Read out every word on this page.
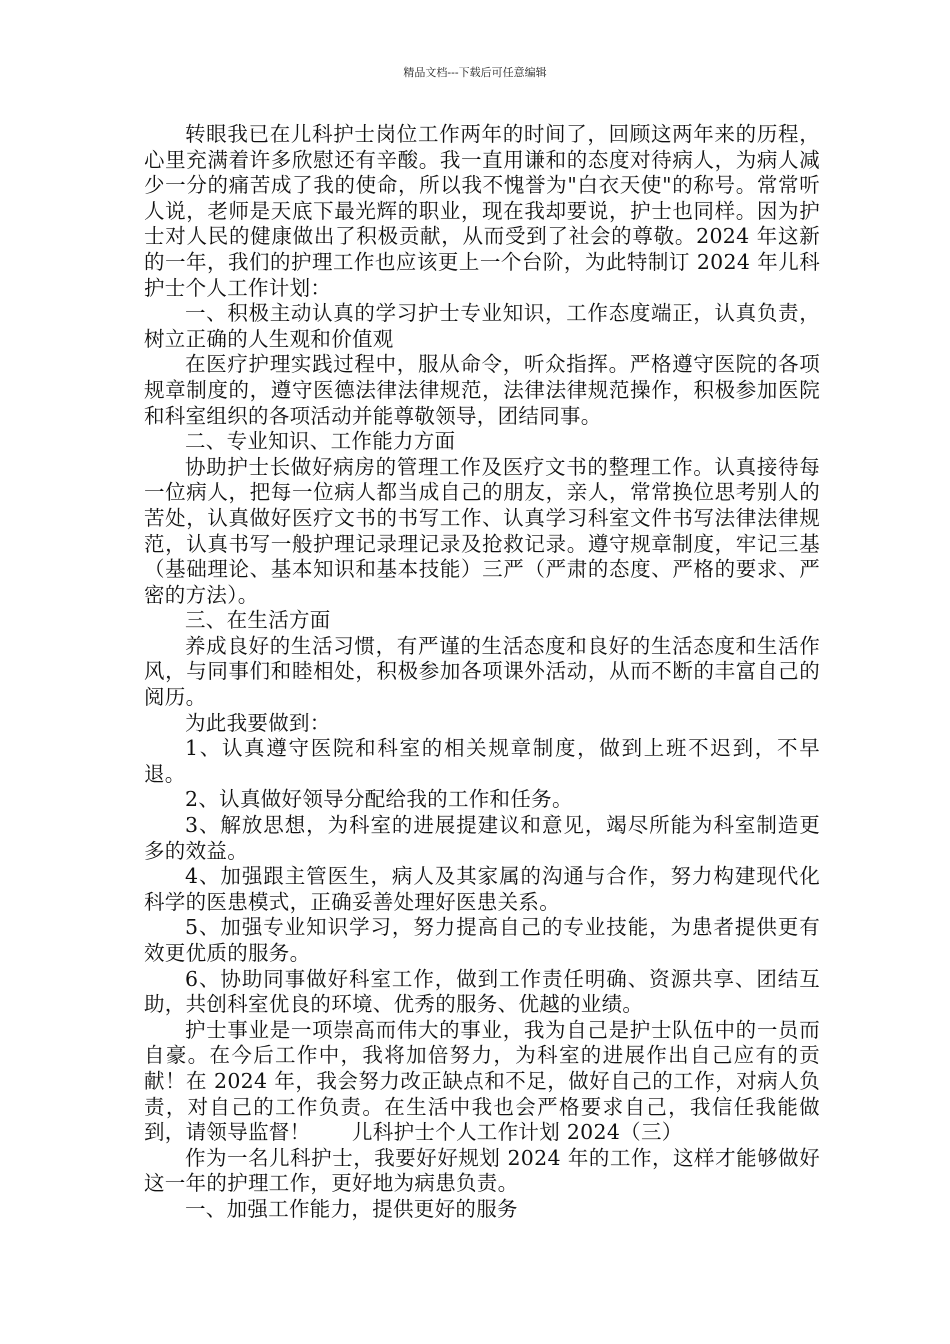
精品文档---下载后可任意编辑

转眼我已在儿科护士岗位工作两年的时间了，回顾这两年来的历程，心里充满着许多欣慰还有辛酸。我一直用谦和的态度对待病人，为病人减少一分的痛苦成了我的使命，所以我不愧誉为"白衣天使"的称号。常常听人说，老师是天底下最光辉的职业，现在我却要说，护士也同样。因为护士对人民的健康做出了积极贡献，从而受到了社会的尊敬。2024 年这新的一年，我们的护理工作也应该更上一个台阶，为此特制订 2024 年儿科护士个人工作计划：

一、积极主动认真的学习护士专业知识，工作态度端正，认真负责，树立正确的人生观和价值观

在医疗护理实践过程中，服从命令，听众指挥。严格遵守医院的各项规章制度的，遵守医德法律法律规范，法律法律规范操作，积极参加医院和科室组织的各项活动并能尊敬领导，团结同事。

二、专业知识、工作能力方面

协助护士长做好病房的管理工作及医疗文书的整理工作。认真接待每一位病人，把每一位病人都当成自己的朋友，亲人，常常换位思考别人的苦处，认真做好医疗文书的书写工作、认真学习科室文件书写法律法律规范，认真书写一般护理记录理记录及抢救记录。遵守规章制度，牢记三基（基础理论、基本知识和基本技能）三严（严肃的态度、严格的要求、严密的方法）。

三、在生活方面

养成良好的生活习惯，有严谨的生活态度和良好的生活态度和生活作风，与同事们和睦相处，积极参加各项课外活动，从而不断的丰富自己的阅历。

为此我要做到：

1、认真遵守医院和科室的相关规章制度，做到上班不迟到，不早退。

2、认真做好领导分配给我的工作和任务。

3、解放思想，为科室的进展提建议和意见，竭尽所能为科室制造更多的效益。

4、加强跟主管医生，病人及其家属的沟通与合作，努力构建现代化科学的医患模式，正确妥善处理好医患关系。

5、加强专业知识学习，努力提高自己的专业技能，为患者提供更有效更优质的服务。

6、协助同事做好科室工作，做到工作责任明确、资源共享、团结互助，共创科室优良的环境、优秀的服务、优越的业绩。

护士事业是一项崇高而伟大的事业，我为自己是护士队伍中的一员而自豪。在今后工作中，我将加倍努力，为科室的进展作出自己应有的贡献！在 2024 年，我会努力改正缺点和不足，做好自己的工作，对病人负责，对自己的工作负责。在生活中我也会严格要求自己，我信任我能做到，请领导监督！　　儿科护士个人工作计划 2024（三）

作为一名儿科护士，我要好好规划 2024 年的工作，这样才能够做好这一年的护理工作，更好地为病患负责。

一、加强工作能力，提供更好的服务
